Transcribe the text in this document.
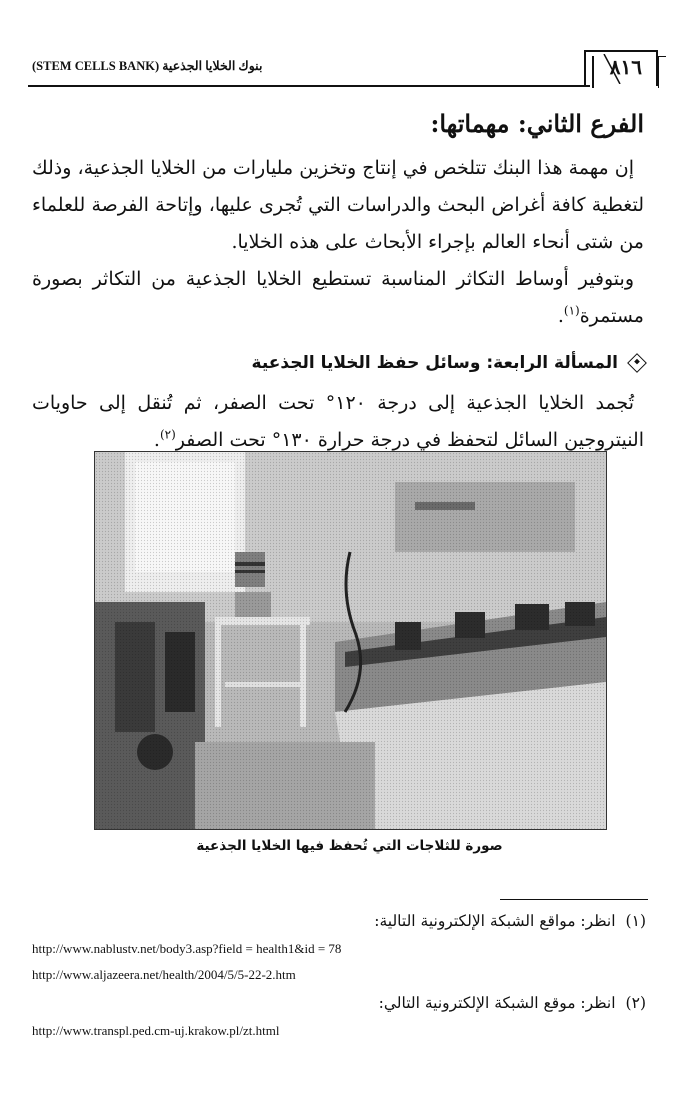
(STEM CELLS BANK) بنوك الخلايا الجذعية	٨١٦
الفرع الثاني: مهماتها:

إن مهمة هذا البنك تتلخص في إنتاج وتخزين مليارات من الخلايا الجذعية، وذلك لتغطية كافة أغراض البحث والدراسات التي تُجرى عليها، وإتاحة الفرصة للعلماء من شتى أنحاء العالم بإجراء الأبحاث على هذه الخلايا.

وبتوفير أوساط التكاثر المناسبة تستطيع الخلايا الجذعية من التكاثر بصورة مستمرة$^{(١)}$.

المسألة الرابعة: وسائل حفظ الخلايا الجذعية

تُجمد الخلايا الجذعية إلى درجة ١٢٠° تحت الصفر، ثم تُنقل إلى حاويات النيتروجين السائل لتحفظ في درجة حرارة ١٣٠° تحت الصفر$^{(٢)}$.

صورة للثلاجات التي تُحفظ فيها الخلايا الجذعية
(١)انظر: مواقع الشبكة الإلكترونية التالية:
http://www.nablustv.net/body3.asp?field = health1&id = 78
http://www.aljazeera.net/health/2004/5/5-22-2.htm
(٢)انظر: موقع الشبكة الإلكترونية التالي:
http://www.transpl.ped.cm-uj.krakow.pl/zt.html
